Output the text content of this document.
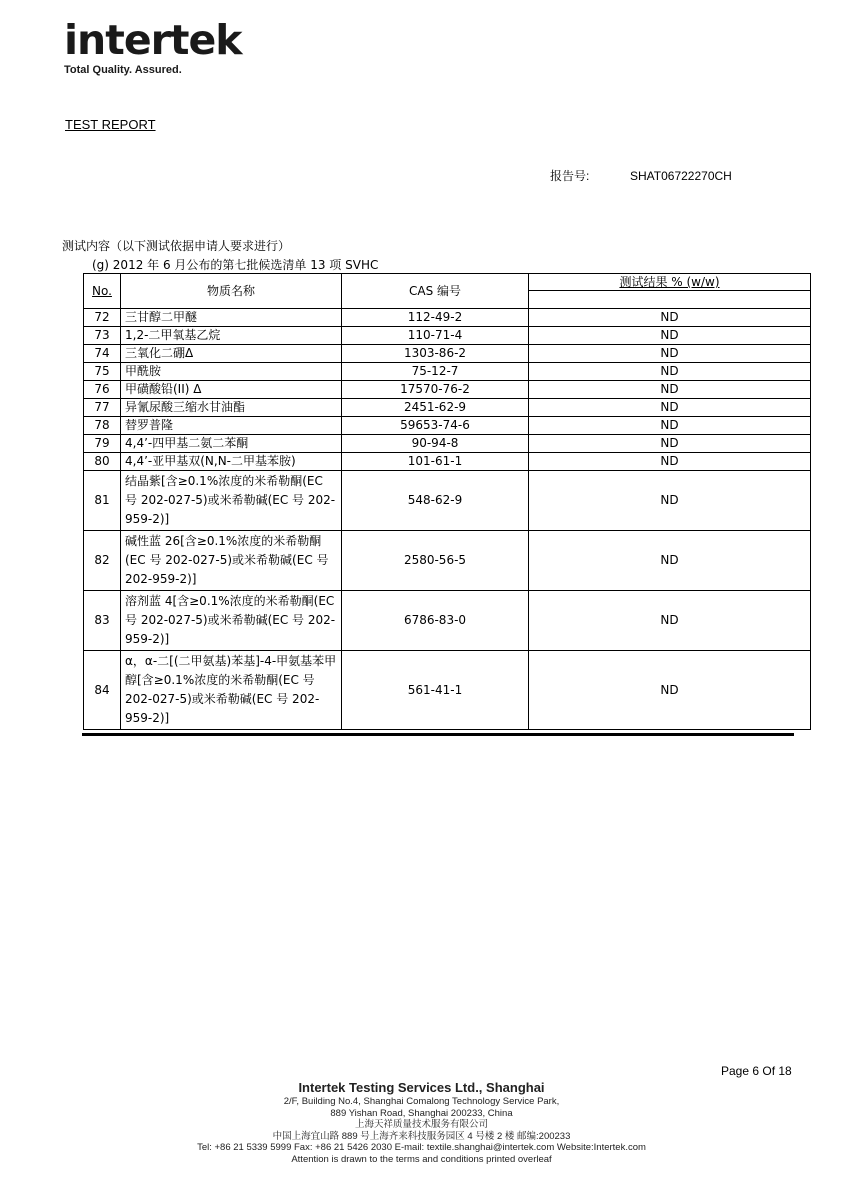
intertek
Total Quality. Assured.
TEST REPORT
报告号:	SHAT06722270CH
测试内容（以下测试依据申请人要求进行）
(g) 2012 年 6 月公布的第七批候选清单 13 项 SVHC
No.	物质名称	CAS 编号	测试结果 % (w/w)

72	三甘醇二甲醚	112-49-2	ND
73	1,2-二甲氧基乙烷	110-71-4	ND
74	三氧化二硼Δ	1303-86-2	ND
75	甲酰胺	75-12-7	ND
76	甲磺酸铅(II) Δ	17570-76-2	ND
77	异氰尿酸三缩水甘油酯	2451-62-9	ND
78	替罗普隆	59653-74-6	ND
79	4,4’-四甲基二氨二苯酮	90-94-8	ND
80	4,4’-亚甲基双(N,N-二甲基苯胺)	101-61-1	ND
81	结晶紫[含≥0.1%浓度的米希勒酮(EC 号 202-027-5)或米希勒碱(EC 号 202-959-2)]	548-62-9	ND
82	碱性蓝 26[含≥0.1%浓度的米希勒酮(EC 号 202-027-5)或米希勒碱(EC 号 202-959-2)]	2580-56-5	ND
83	溶剂蓝 4[含≥0.1%浓度的米希勒酮(EC 号 202-027-5)或米希勒碱(EC 号 202-959-2)]	6786-83-0	ND
84	α，α-二[(二甲氨基)苯基]-4-甲氨基苯甲醇[含≥0.1%浓度的米希勒酮(EC 号 202-027-5)或米希勒碱(EC 号 202-959-2)]	561-41-1	ND
Page 6 Of 18
Intertek Testing Services Ltd., Shanghai
2/F, Building No.4, Shanghai Comalong Technology Service Park,
889 Yishan Road, Shanghai 200233, China
上海天祥质量技术服务有限公司
中国上海宜山路 889 号上海齐来科技服务园区 4 号楼 2 楼 邮编:200233
Tel: +86 21 5339 5999 Fax: +86 21 5426 2030 E-mail: textile.shanghai@intertek.com Website:Intertek.com
Attention is drawn to the terms and conditions printed overleaf
